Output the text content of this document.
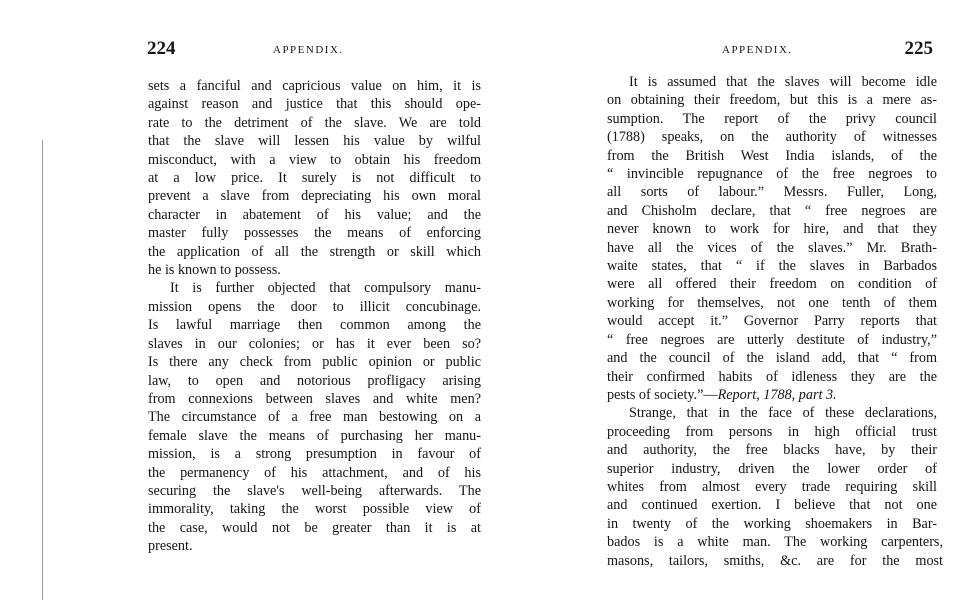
224	APPENDIX.

sets a fanciful and capricious value on him, it is
against reason and justice that this should ope-
rate to the detriment of the slave. We are told
that the slave will lessen his value by wilful
misconduct, with a view to obtain his freedom
at a low price. It surely is not difficult to
prevent a slave from depreciating his own moral
character in abatement of his value; and the
master fully possesses the means of enforcing
the application of all the strength or skill which
he is known to possess.
It is further objected that compulsory manu-
mission opens the door to illicit concubinage.
Is lawful marriage then common among the
slaves in our colonies; or has it ever been so?
Is there any check from public opinion or public
law, to open and notorious profligacy arising
from connexions between slaves and white men?
The circumstance of a free man bestowing on a
female slave the means of purchasing her manu-
mission, is a strong presumption in favour of
the permanency of his attachment, and of his
securing the slave's well-being afterwards. The
immorality, taking the worst possible view of
the case, would not be greater than it is at
present.

APPENDIX.	225

It is assumed that the slaves will become idle
on obtaining their freedom, but this is a mere as-
sumption. The report of the privy council
(1788) speaks, on the authority of witnesses
from the British West India islands, of the
“ invincible repugnance of the free negroes to
all sorts of labour.” Messrs. Fuller, Long,
and Chisholm declare, that “ free negroes are
never known to work for hire, and that they
have all the vices of the slaves.” Mr. Brath-
waite states, that “ if the slaves in Barbados
were all offered their freedom on condition of
working for themselves, not one tenth of them
would accept it.” Governor Parry reports that
“ free negroes are utterly destitute of industry,”
and the council of the island add, that “ from
their confirmed habits of idleness they are the
pests of society.”—Report, 1788, part 3.
Strange, that in the face of these declarations,
proceeding from persons in high official trust
and authority, the free blacks have, by their
superior industry, driven the lower order of
whites from almost every trade requiring skill
and continued exertion. I believe that not one
in twenty of the working shoemakers in Bar-
bados is a white man. The working carpenters,
masons, tailors, smiths, &c. are for the most
